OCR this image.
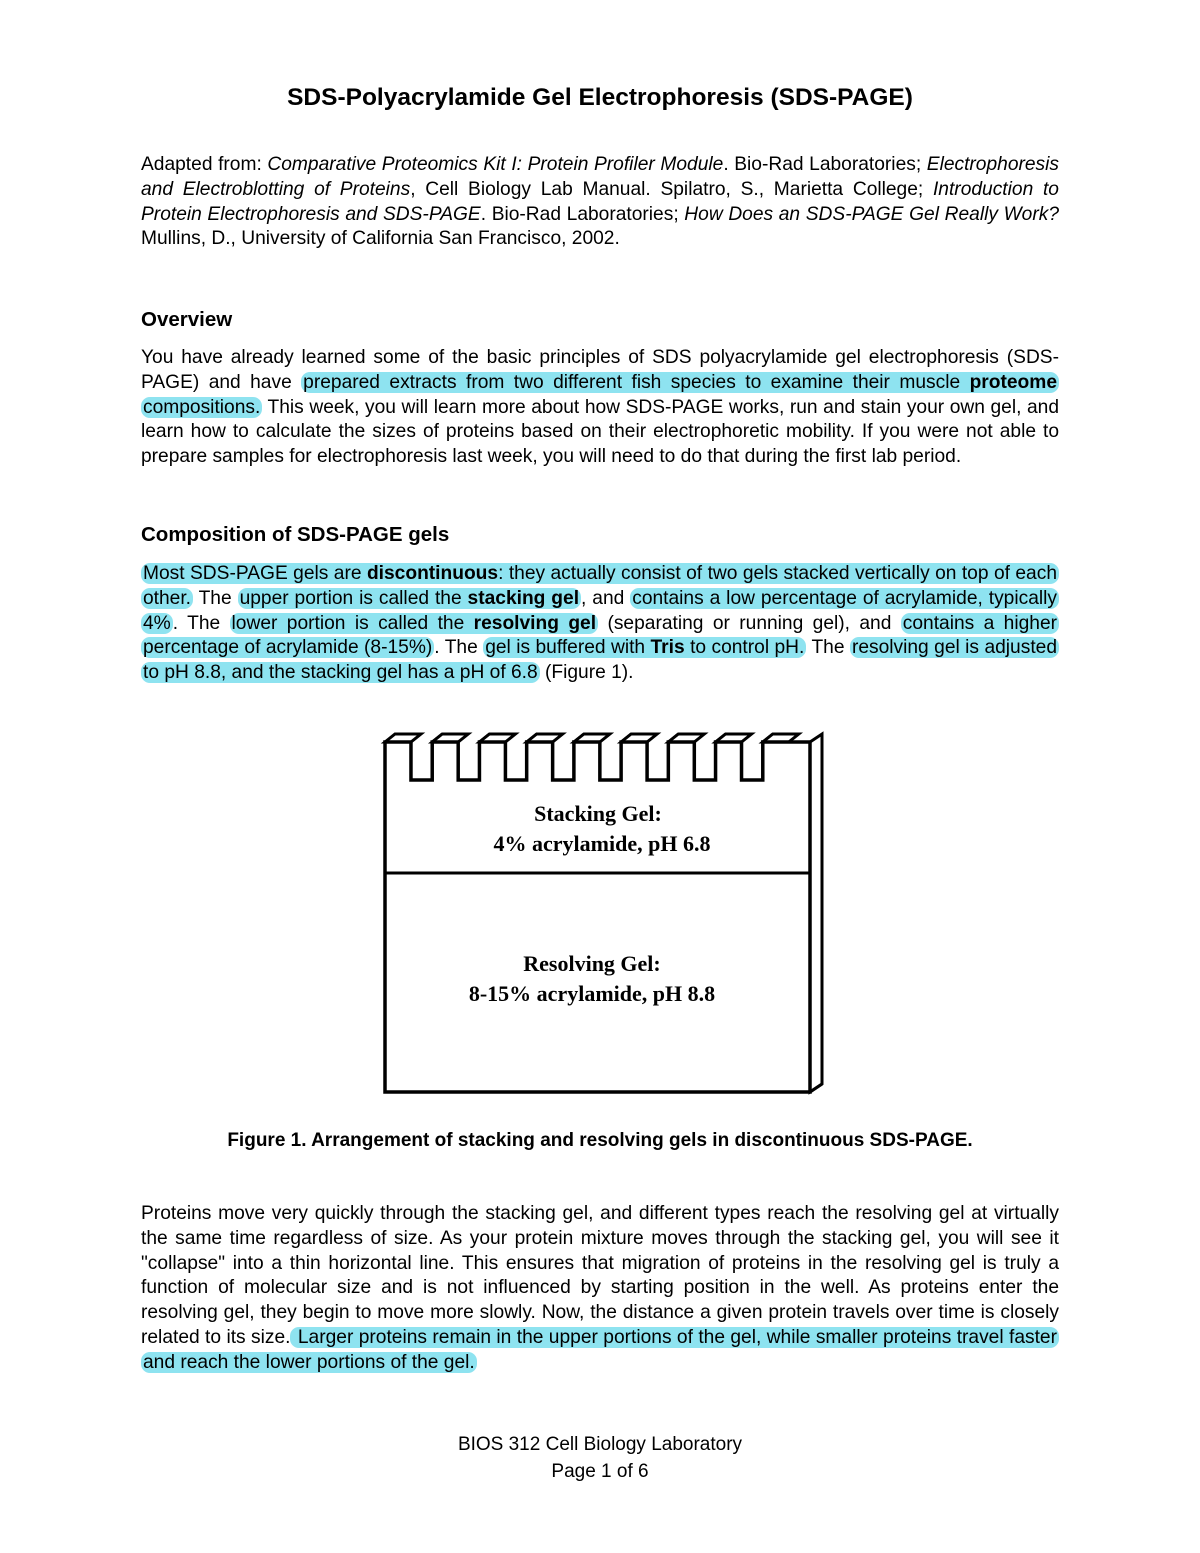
SDS-Polyacrylamide Gel Electrophoresis (SDS-PAGE)

Adapted from: Comparative Proteomics Kit I: Protein Profiler Module. Bio-Rad Laboratories; Electrophoresis and Electroblotting of Proteins, Cell Biology Lab Manual. Spilatro, S., Marietta College; Introduction to Protein Electrophoresis and SDS-PAGE. Bio-Rad Laboratories; How Does an SDS-PAGE Gel Really Work? Mullins, D., University of California San Francisco, 2002.

Overview

You have already learned some of the basic principles of SDS polyacrylamide gel electrophoresis (SDS-PAGE) and have prepared extracts from two different fish species to examine their muscle proteome compositions. This week, you will learn more about how SDS-PAGE works, run and stain your own gel, and learn how to calculate the sizes of proteins based on their electrophoretic mobility. If you were not able to prepare samples for electrophoresis last week, you will need to do that during the first lab period.

Composition of SDS-PAGE gels

Most SDS-PAGE gels are discontinuous: they actually consist of two gels stacked vertically on top of each other. The upper portion is called the stacking gel , and contains a low percentage of acrylamide, typically 4% . The lower portion is called the resolving gel (separating or running gel), and contains a higher percentage of acrylamide (8-15%) . The gel is buffered with Tris to control pH. The resolving gel is adjusted to pH 8.8, and the stacking gel has a pH of 6.8 (Figure 1).

Stacking Gel:
4% acrylamide, pH 6.8
Resolving Gel:
8-15% acrylamide, pH 8.8

Figure 1. Arrangement of stacking and resolving gels in discontinuous SDS-PAGE.

Proteins move very quickly through the stacking gel, and different types reach the resolving gel at virtually the same time regardless of size. As your protein mixture moves through the stacking gel, you will see it "collapse" into a thin horizontal line. This ensures that migration of proteins in the resolving gel is truly a function of molecular size and is not influenced by starting position in the well. As proteins enter the resolving gel, they begin to move more slowly. Now, the distance a given protein travels over time is closely related to its size. Larger proteins remain in the upper portions of the gel, while smaller proteins travel faster and reach the lower portions of the gel.

BIOS 312 Cell Biology Laboratory
Page 1 of 6
